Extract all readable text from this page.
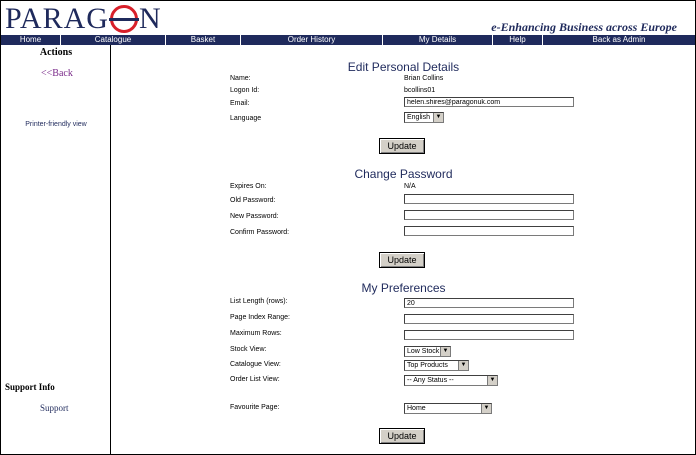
PARAG N	e-Enhancing Business across Europe
Home	Catalogue	Basket	Order History	My Details	Help	Back as Admin
Actions
<<Back
Printer-friendly view
Support Info
Support
Edit Personal Details
Name:	Brian Collins
Logon Id:	bcollins01
Email:
helen.shires@paragonuk.com
Language	English ▼
Update
Change Password
Expires On:	N/A
Old Password:
New Password:
Confirm Password:
Update
My Preferences
List Length (rows):
20
Page Index Range:
Maximum Rows:
Stock View:	Low Stock ▼
Catalogue View:	Top Products	▼
Order List View:	-- Any Status --	▼
Favourite Page:	Home	▼
Update
